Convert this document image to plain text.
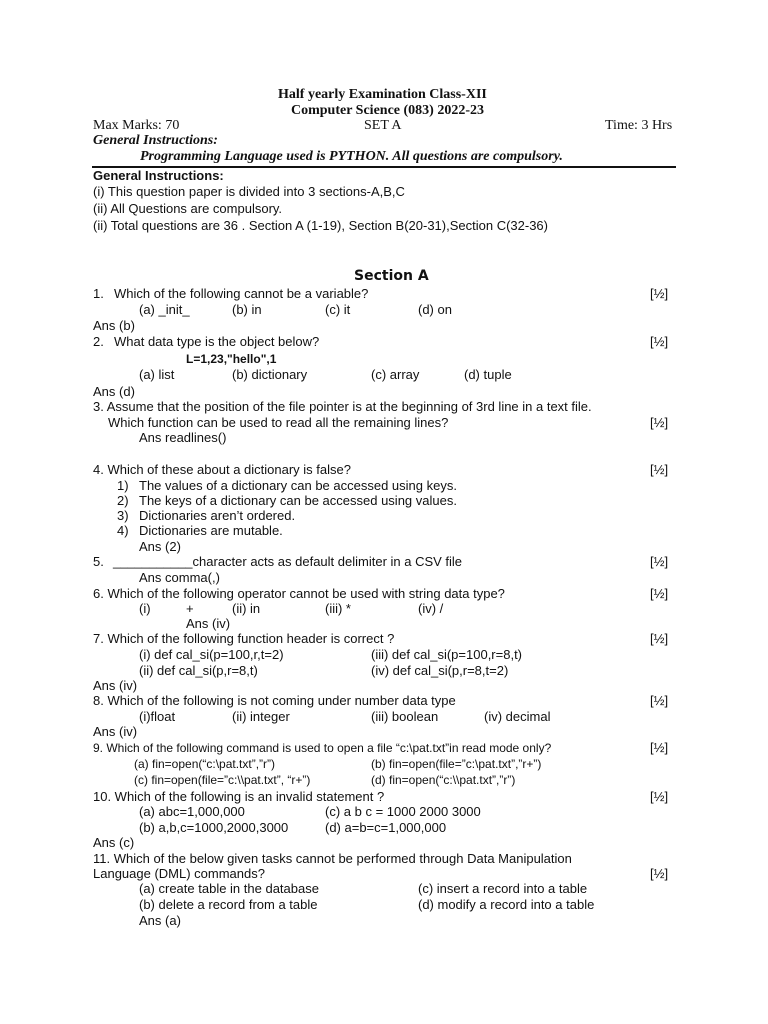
Half yearly Examination Class-XII
Computer Science (083) 2022-23
Max Marks: 70	SET A	Time: 3 Hrs
General Instructions:
Programming Language used is PYTHON. All questions are compulsory.
General Instructions:
(i) This question paper is divided into 3 sections-A,B,C
(ii) All Questions are compulsory.
(ii) Total questions are 36 . Section A (1-19), Section B(20-31),Section C(32-36)
Section A
1. Which of the following cannot be a variable?	[½]
(a) _init_	(b) in	(c) it	(d) on
Ans (b)
2. What data type is the object below?	[½]
L=1,23,"hello",1
(a) list	(b) dictionary	(c) array	(d) tuple
Ans (d)
3. Assume that the position of the file pointer is at the beginning of 3rd line in a text file.
Which function can be used to read all the remaining lines?	[½]
Ans readlines()
4. Which of these about a dictionary is false?	[½]
1) The values of a dictionary can be accessed using keys.
2) The keys of a dictionary can be accessed using values.
3) Dictionaries aren’t ordered.
4) Dictionaries are mutable.
Ans (2)
5. ___________character acts as default delimiter in a CSV file	[½]
Ans comma(,)
6. Which of the following operator cannot be used with string data type?	[½]
(i)	+	(ii) in	(iii) *	(iv) /
Ans (iv)
7. Which of the following function header is correct ?	[½]
(i) def cal_si(p=100,r,t=2)	(iii) def cal_si(p=100,r=8,t)
(ii) def cal_si(p,r=8,t)	(iv) def cal_si(p,r=8,t=2)
Ans (iv)
8. Which of the following is not coming under number data type	[½]
(i)float	(ii) integer	(iii) boolean	(iv) decimal
Ans (iv)
9. Which of the following command is used to open a file “c:\pat.txt”in read mode only?	[½]
(a) fin=open(“c:\pat.txt”,”r”)	(b) fin=open(file=”c:\pat.txt”,”r+”)
(c) fin=open(file=”c:\\pat.txt”, “r+”)	(d) fin=open(“c:\\pat.txt”,”r”)
10. Which of the following is an invalid statement ?	[½]
(a) abc=1,000,000	(c) a b c = 1000 2000 3000
(b) a,b,c=1000,2000,3000	(d) a=b=c=1,000,000
Ans (c)
11. Which of the below given tasks cannot be performed through Data Manipulation
Language (DML) commands?	[½]
(a) create table in the database	(c) insert a record into a table
(b) delete a record from a table	(d) modify a record into a table
Ans (a)
